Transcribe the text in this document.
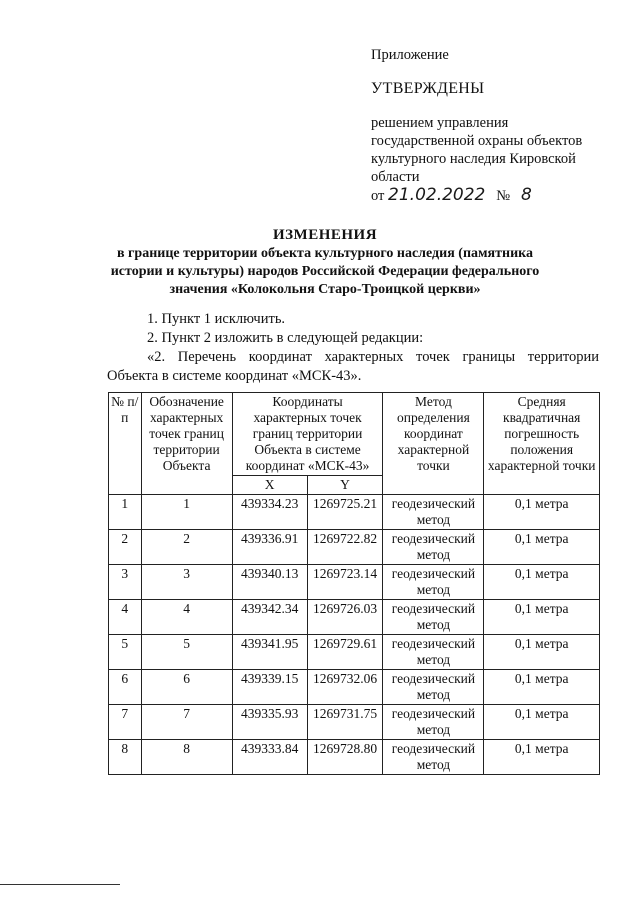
Приложение
УТВЕРЖДЕНЫ
решением управления
государственной охраны объектов
культурного наследия Кировской
области
от 21.02.2022 № 8
ИЗМЕНЕНИЯ
в границе территории объекта культурного наследия (памятника
истории и культуры) народов Российской Федерации федерального
значения «Колокольня Старо-Троицкой церкви»

1. Пункт 1 исключить.

2. Пункт 2 изложить в следующей редакции:

«2. Перечень координат характерных точек границы территории Объекта в системе координат «МСК-43».

№ п/п	Обозначение характерных точек границ территории Объекта	Координаты характерных точек границ территории Объекта в системе координат «МСК-43»		Метод определения координат характерной точки	Средняя квадратичная погрешность положения характерной точки
		X	Y		
1	1	439334.23	1269725.21	геодезический метод	0,1 метра
2	2	439336.91	1269722.82	геодезический метод	0,1 метра
3	3	439340.13	1269723.14	геодезический метод	0,1 метра
4	4	439342.34	1269726.03	геодезический метод	0,1 метра
5	5	439341.95	1269729.61	геодезический метод	0,1 метра
6	6	439339.15	1269732.06	геодезический метод	0,1 метра
7	7	439335.93	1269731.75	геодезический метод	0,1 метра
8	8	439333.84	1269728.80	геодезический метод	0,1 метра
